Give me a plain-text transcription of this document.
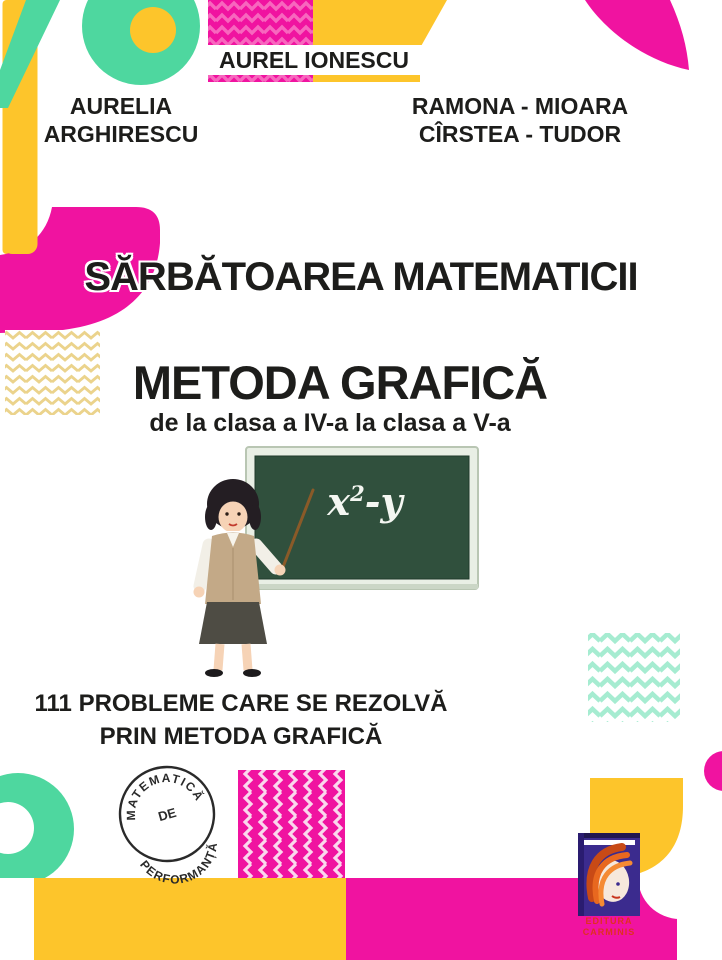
MATEMATICĂ
PERFORMANȚĂ
DE
AUREL IONESCU
AURELIA
ARGHIRESCU
RAMONA - MIOARA
CÎRSTEA - TUDOR
SĂRBĂTOAREA MATEMATICII
METODA GRAFICĂ
de la clasa a IV-a la clasa a V-a
$x^2-y$
111 PROBLEME CARE SE REZOLVĂ
PRIN METODA GRAFICĂ
EDITURA
CARMINIS
